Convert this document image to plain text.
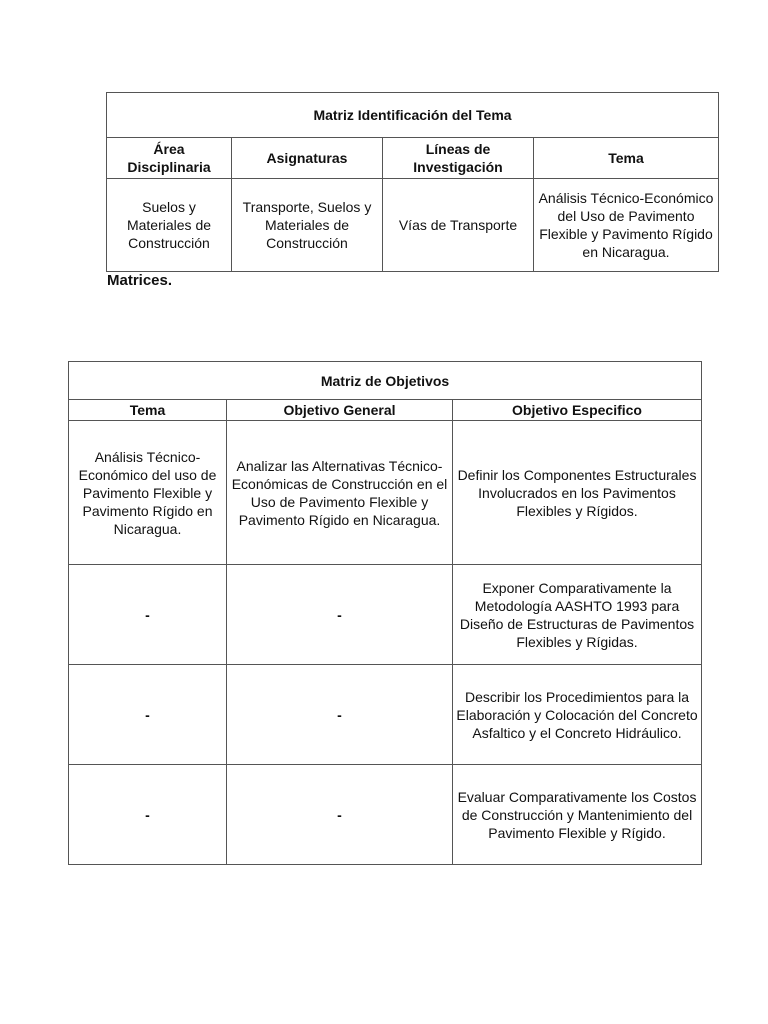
Matriz Identificación del Tema			
Área Disciplinaria	Asignaturas	Líneas de Investigación	Tema
Suelos y Materiales de Construcción	Transporte, Suelos y Materiales de Construcción	Vías de Transporte	Análisis Técnico-Económico del Uso de Pavimento Flexible y Pavimento Rígido en Nicaragua.
Matrices.
Matriz de Objetivos		
Tema	Objetivo General	Objetivo Especifico
Análisis Técnico-Económico del uso de Pavimento Flexible y Pavimento Rígido en Nicaragua.	Analizar las Alternativas Técnico-Económicas de Construcción en el Uso de Pavimento Flexible y Pavimento Rígido en Nicaragua.	Definir los Componentes Estructurales Involucrados en los Pavimentos Flexibles y Rígidos.
-	-	Exponer Comparativamente la Metodología AASHTO 1993 para Diseño de Estructuras de Pavimentos Flexibles y Rígidas.
-	-	Describir los Procedimientos para la Elaboración y Colocación del Concreto Asfaltico y el Concreto Hidráulico.
-	-	Evaluar Comparativamente los Costos de Construcción y Mantenimiento del Pavimento Flexible y Rígido.
